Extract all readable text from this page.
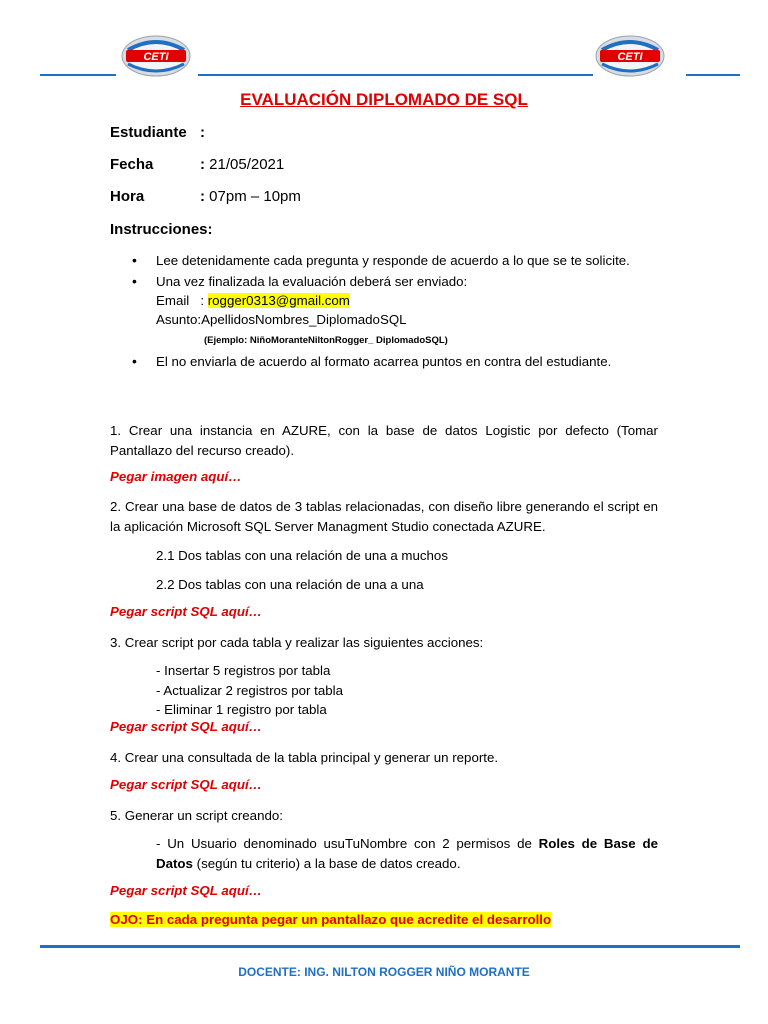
CETI	CETI
EVALUACIÓN DIPLOMADO DE SQL
Estudiante :
Fecha	: 21/05/2021
Hora	: 07pm – 10pm
Instrucciones:
• Lee detenidamente cada pregunta y responde de acuerdo a lo que se te solicite.
• Una vez finalizada la evaluación deberá ser enviado:
Email   : rogger0313@gmail.com
Asunto:ApellidosNombres_DiplomadoSQL
(Ejemplo: NiñoMoranteNiltonRogger_ DiplomadoSQL)
• El no enviarla de acuerdo al formato acarrea puntos en contra del estudiante.
1. Crear una instancia en AZURE, con la base de datos Logistic por defecto (Tomar Pantallazo del recurso creado).
Pegar imagen aquí…
2. Crear una base de datos de 3 tablas relacionadas, con diseño libre generando el script en la aplicación Microsoft SQL Server Managment Studio conectada AZURE.
2.1 Dos tablas con una relación de una a muchos
2.2 Dos tablas con una relación de una a una
Pegar script SQL aquí…
3. Crear script por cada tabla y realizar las siguientes acciones:
- Insertar 5 registros por tabla
- Actualizar 2 registros por tabla
- Eliminar 1 registro por tabla
Pegar script SQL aquí…
4. Crear una consultada de la tabla principal y generar un reporte.
Pegar script SQL aquí…
5. Generar un script creando:
- Un Usuario denominado usuTuNombre con 2 permisos de Roles de Base de Datos (según tu criterio) a la base de datos creado.
Pegar script SQL aquí…
OJO: En cada pregunta pegar un pantallazo que acredite el desarrollo
DOCENTE: ING. NILTON ROGGER NIÑO MORANTE
